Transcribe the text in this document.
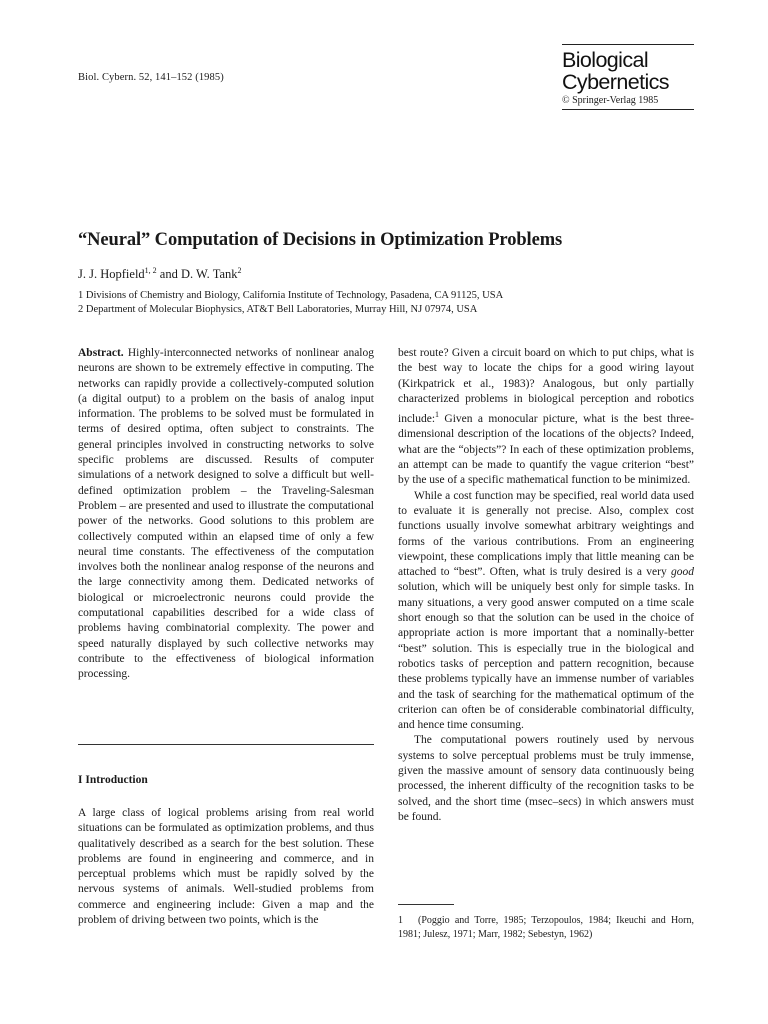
Biol. Cybern. 52, 141–152 (1985)
Biological
Cybernetics
© Springer-Verlag 1985
“Neural” Computation of Decisions in Optimization Problems
J. J. Hopfield$^{1, 2}$ and D. W. Tank$^2$
1 Divisions of Chemistry and Biology, California Institute of Technology, Pasadena, CA 91125, USA
2 Department of Molecular Biophysics, AT&T Bell Laboratories, Murray Hill, NJ 07974, USA

Abstract. Highly-interconnected networks of nonlinear analog neurons are shown to be extremely effective in computing. The networks can rapidly provide a collectively-computed solution (a digital output) to a problem on the basis of analog input information. The problems to be solved must be formulated in terms of desired optima, often subject to constraints. The general principles involved in constructing networks to solve specific problems are discussed. Results of computer simulations of a network designed to solve a difficult but well-defined optimization problem – the Traveling-Salesman Problem – are presented and used to illustrate the computational power of the networks. Good solutions to this problem are collectively computed within an elapsed time of only a few neural time constants. The effectiveness of the computation involves both the nonlinear analog response of the neurons and the large connectivity among them. Dedicated networks of biological or microelectronic neurons could provide the computational capabilities described for a wide class of problems having combinatorial complexity. The power and speed naturally displayed by such collective networks may contribute to the effectiveness of biological information processing.

I Introduction

A large class of logical problems arising from real world situations can be formulated as optimization problems, and thus qualitatively described as a search for the best solution. These problems are found in engineering and commerce, and in perceptual problems which must be rapidly solved by the nervous systems of animals. Well-studied problems from commerce and engineering include: Given a map and the problem of driving between two points, which is the

best route? Given a circuit board on which to put chips, what is the best way to locate the chips for a good wiring layout (Kirkpatrick et al., 1983)? Analogous, but only partially characterized problems in biological perception and robotics include:$^1$ Given a monocular picture, what is the best three-dimensional description of the locations of the objects? Indeed, what are the “objects”? In each of these optimization problems, an attempt can be made to quantify the vague criterion “best” by the use of a specific mathematical function to be minimized.

While a cost function may be specified, real world data used to evaluate it is generally not precise. Also, complex cost functions usually involve somewhat arbitrary weightings and forms of the various contributions. From an engineering viewpoint, these complications imply that little meaning can be attached to “best”. Often, what is truly desired is a very good solution, which will be uniquely best only for simple tasks. In many situations, a very good answer computed on a time scale short enough so that the solution can be used in the choice of appropriate action is more important that a nominally-better “best” solution. This is especially true in the biological and robotics tasks of perception and pattern recognition, because these problems typically have an immense number of variables and the task of searching for the mathematical optimum of the criterion can often be of considerable combinatorial difficulty, and hence time consuming.

The computational powers routinely used by nervous systems to solve perceptual problems must be truly immense, given the massive amount of sensory data continuously being processed, the inherent difficulty of the recognition tasks to be solved, and the short time (msec–secs) in which answers must be found.

1 (Poggio and Torre, 1985; Terzopoulos, 1984; Ikeuchi and Horn, 1981; Julesz, 1971; Marr, 1982; Sebestyn, 1962)
